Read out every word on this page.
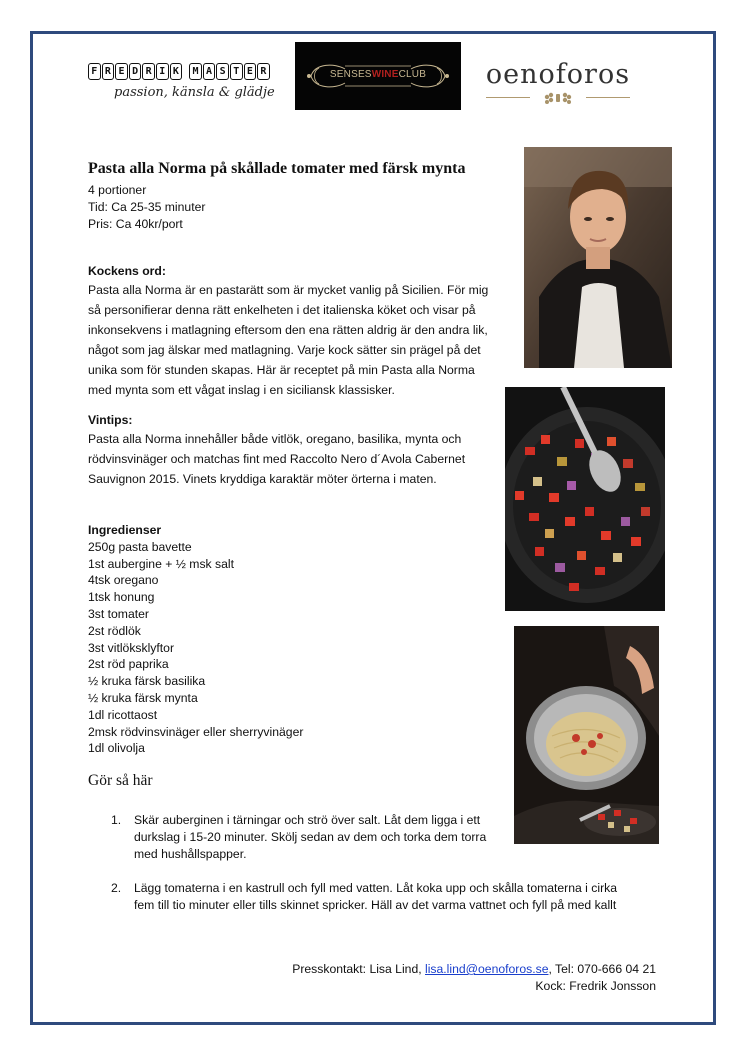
F R E D R I K	M A S T E R
passion, känsla & glädje
SENSESWINECLUB	oenoforos
Pasta alla Norma på skållade tomater med färsk mynta
4 portioner
Tid: Ca 25-35 minuter
Pris: Ca 40kr/port
Kockens ord:
Pasta alla Norma är en pastarätt som är mycket vanlig på Sicilien. För mig
så personifierar denna rätt enkelheten i det italienska köket och visar på
inkonsekvens i matlagning eftersom den ena rätten aldrig är den andra lik,
något som jag älskar med matlagning. Varje kock sätter sin prägel på det
unika som för stunden skapas. Här är receptet på min Pasta alla Norma
med mynta som ett vågat inslag i en siciliansk klassisker.
Vintips:
Pasta alla Norma innehåller både vitlök, oregano, basilika, mynta och
rödvinsvinäger och matchas fint med Raccolto Nero d´Avola Cabernet
Sauvignon 2015. Vinets kryddiga karaktär möter örterna i maten.
Ingredienser
250g pasta bavette
1st aubergine + ½ msk salt
4tsk oregano
1tsk honung
3st tomater
2st rödlök
3st vitlöksklyftor
2st röd paprika
½ kruka färsk basilika
½ kruka färsk mynta
1dl ricottaost
2msk rödvinsvinäger eller sherryvinäger
1dl olivolja
Gör så här
1. Skär auberginen i tärningar och strö över salt. Låt dem ligga i ett
durkslag i 15-20 minuter. Skölj sedan av dem och torka dem torra
med hushållspapper.
2. Lägg tomaterna i en kastrull och fyll med vatten. Låt koka upp och skålla tomaterna i cirka
fem till tio minuter eller tills skinnet spricker. Häll av det varma vattnet och fyll på med kallt
Presskontakt: Lisa Lind, lisa.lind@oenoforos.se, Tel: 070-666 04 21
Kock: Fredrik Jonsson
